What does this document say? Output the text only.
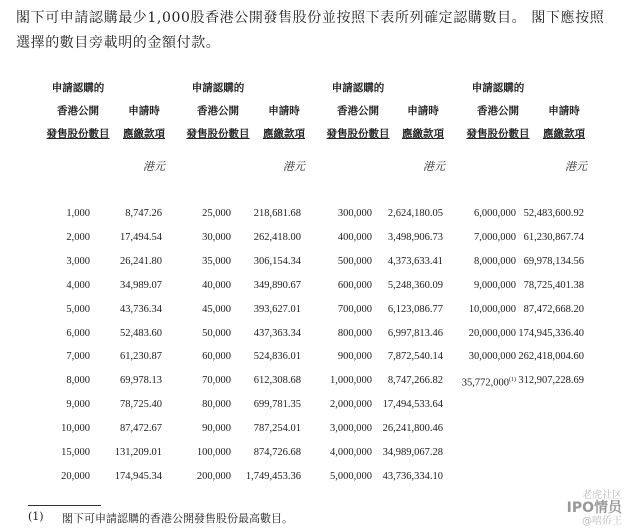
閣下可申請認購最少1,000股香港公開發售股份並按照下表所列確定認購數目。 閣下應按照選擇的數目旁載明的金額付款。
申請認購的
香港公開
發售股份數目
申請時
應繳款項
港元
申請認購的
香港公開
發售股份數目
申請時
應繳款項
港元
申請認購的
香港公開
發售股份數目
申請時
應繳款項
港元
申請認購的
香港公開
發售股份數目
申請時
應繳款項
港元
1,000
2,000
3,000
4,000
5,000
6,000
7,000
8,000
9,000
10,000
15,000
20,000
8,747.26
17,494.54
26,241.80
34,989.07
43,736.34
52,483.60
61,230.87
69,978.13
78,725.40
87,472.67
131,209.01
174,945.34
25,000
30,000
35,000
40,000
45,000
50,000
60,000
70,000
80,000
90,000
100,000
200,000
218,681.68
262,418.00
306,154.34
349,890.67
393,627.01
437,363.34
524,836.01
612,308.68
699,781.35
787,254.01
874,726.68
1,749,453.36
300,000
400,000
500,000
600,000
700,000
800,000
900,000
1,000,000
2,000,000
3,000,000
4,000,000
5,000,000
2,624,180.05
3,498,906.73
4,373,633.41
5,248,360.09
6,123,086.77
6,997,813.46
7,872,540.14
8,747,266.82
17,494,533.64
26,241,800.46
34,989,067.28
43,736,334.10
6,000,000
7,000,000
8,000,000
9,000,000
10,000,000
20,000,000
30,000,000
35,772,000$^{(1)}$
52,483,600.92
61,230,867.74
69,978,134.56
78,725,401.38
87,472,668.20
174,945,336.40
262,418,004.60
312,907,228.69
(1) 閣下可申請認購的香港公開發售股份最高數目。
老虎社区
IPO情员
@嘻侨王
